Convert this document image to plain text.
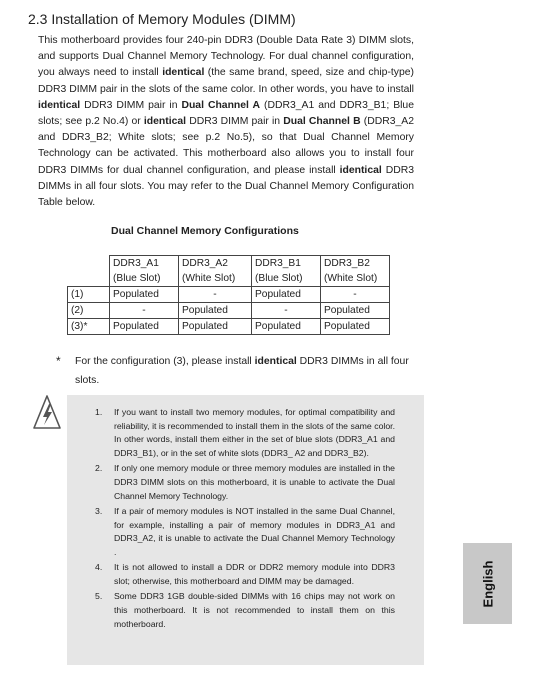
2.3 Installation of Memory Modules (DIMM)

This motherboard provides four 240-pin DDR3 (Double Data Rate 3) DIMM slots, and supports Dual Channel Memory Technology. For dual channel configuration, you always need to install identical (the same brand, speed, size and chip-type) DDR3 DIMM pair in the slots of the same color. In other words, you have to install identical DDR3 DIMM pair in Dual Channel A (DDR3_A1 and DDR3_B1; Blue slots; see p.2 No.4) or identical DDR3 DIMM pair in Dual Channel B (DDR3_A2 and DDR3_B2; White slots; see p.2 No.5), so that Dual Channel Memory Technology can be activated. This motherboard also allows you to install four DDR3 DIMMs for dual channel configuration, and please install identical DDR3 DIMMs in all four slots. You may refer to the Dual Channel Memory Configuration Table below.

Dual Channel Memory Configurations
	DDR3_A1	DDR3_A2	DDR3_B1	DDR3_B2
	(Blue Slot)	(White Slot)	(Blue Slot)	(White Slot)
(1)	Populated	-	Populated	-
(2)	-	Populated	-	Populated
(3)*	Populated	Populated	Populated	Populated
* For the configuration (3), please install identical DDR3 DIMMs in all four slots.
1. If you want to install two memory modules, for optimal compatibility and reliability, it is recommended to install them in the slots of the same color. In other words, install them either in the set of blue slots (DDR3_A1 and DDR3_B1), or in the set of white slots (DDR3_ A2 and DDR3_B2).
2. If only one memory module or three memory modules are installed in the DDR3 DIMM slots on this motherboard, it is unable to activate the Dual Channel Memory Technology.
3. If a pair of memory modules is NOT installed in the same Dual Channel, for example, installing a pair of memory modules in DDR3_A1 and DDR3_A2, it is unable to activate the Dual Channel Memory Technology .
4. It is not allowed to install a DDR or DDR2 memory module into DDR3 slot; otherwise, this motherboard and DIMM may be damaged.
5. Some DDR3 1GB double-sided DIMMs with 16 chips may not work on this motherboard. It is not recommended to install them on this motherboard.
English
